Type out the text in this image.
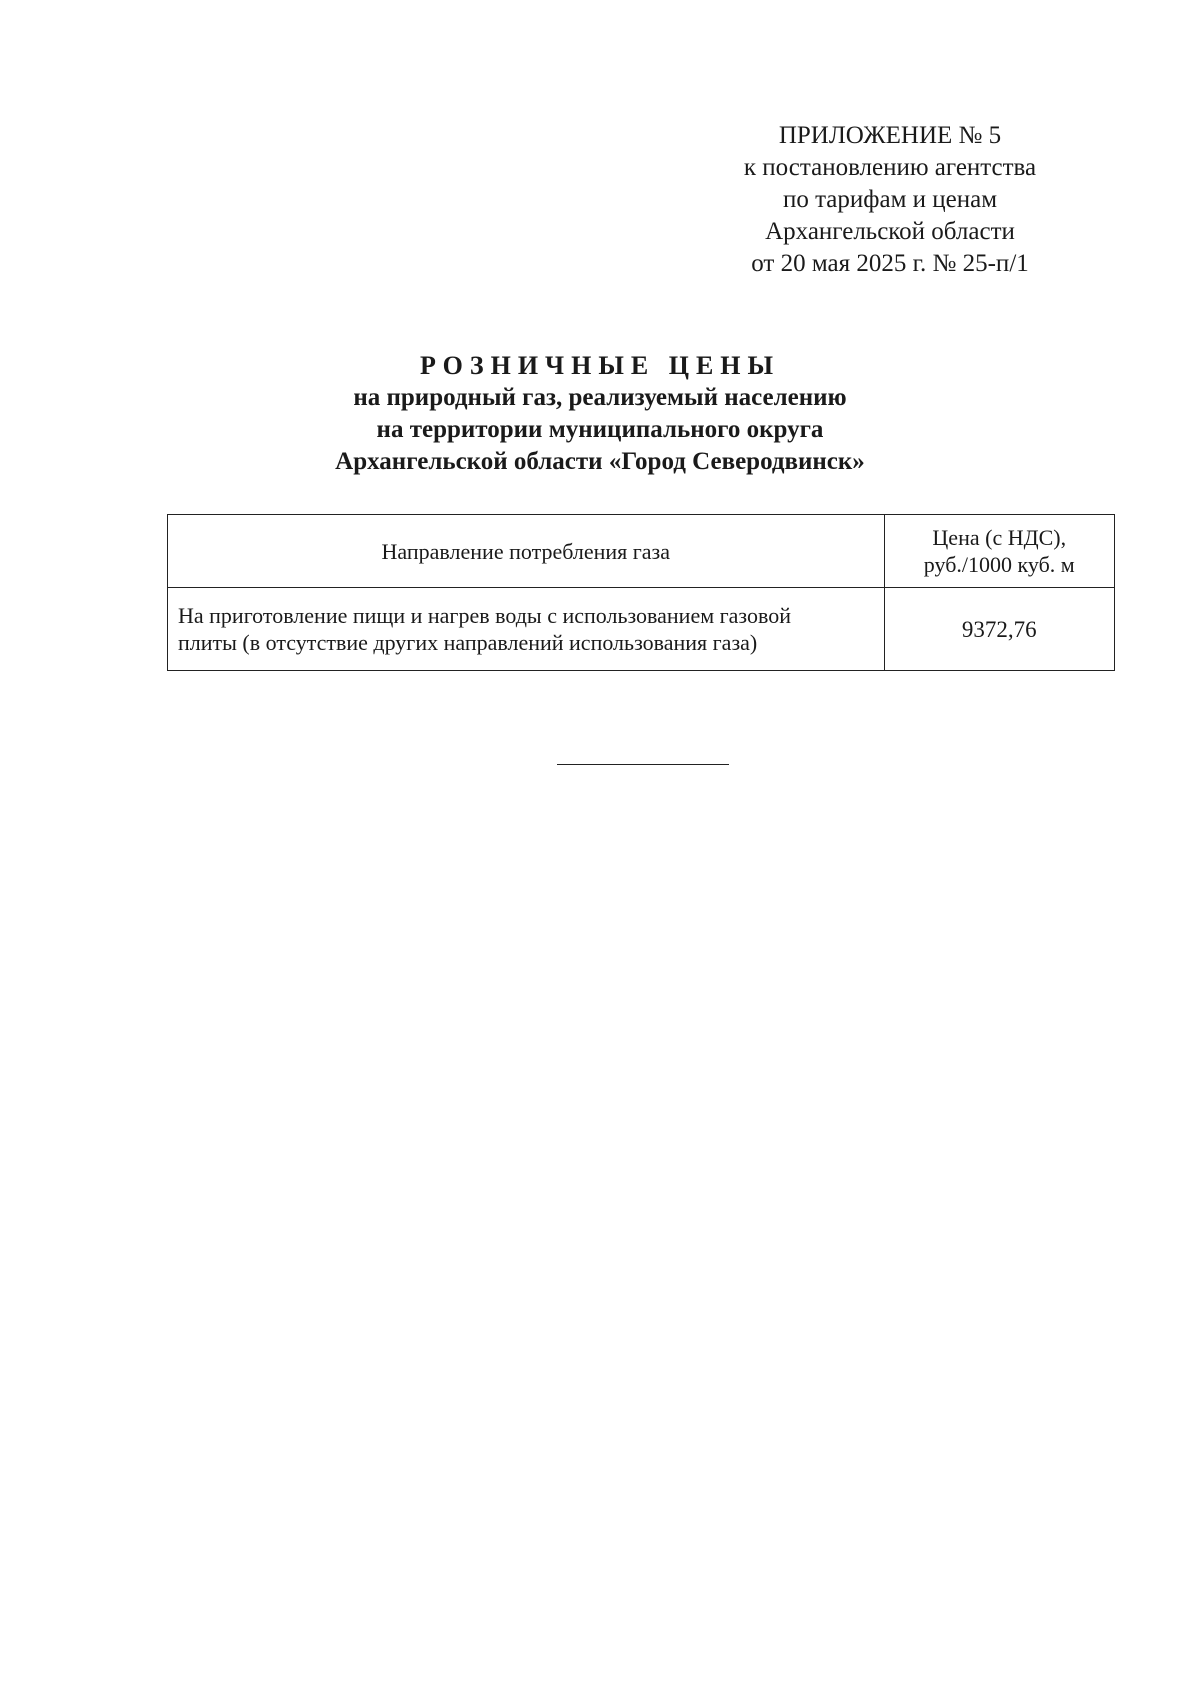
ПРИЛОЖЕНИЕ № 5
к постановлению агентства
по тарифам и ценам
Архангельской области
от 20 мая 2025 г. № 25-п/1
РОЗНИЧНЫЕ ЦЕНЫ
на природный газ, реализуемый населению
на территории муниципального округа
Архангельской области «Город Северодвинск»
Направление потребления газа	Цена (с НДС),
руб./1000 куб. м

На приготовление пищи и нагрев воды с использованием газовой
плиты (в отсутствие других направлений использования газа)	9372,76
